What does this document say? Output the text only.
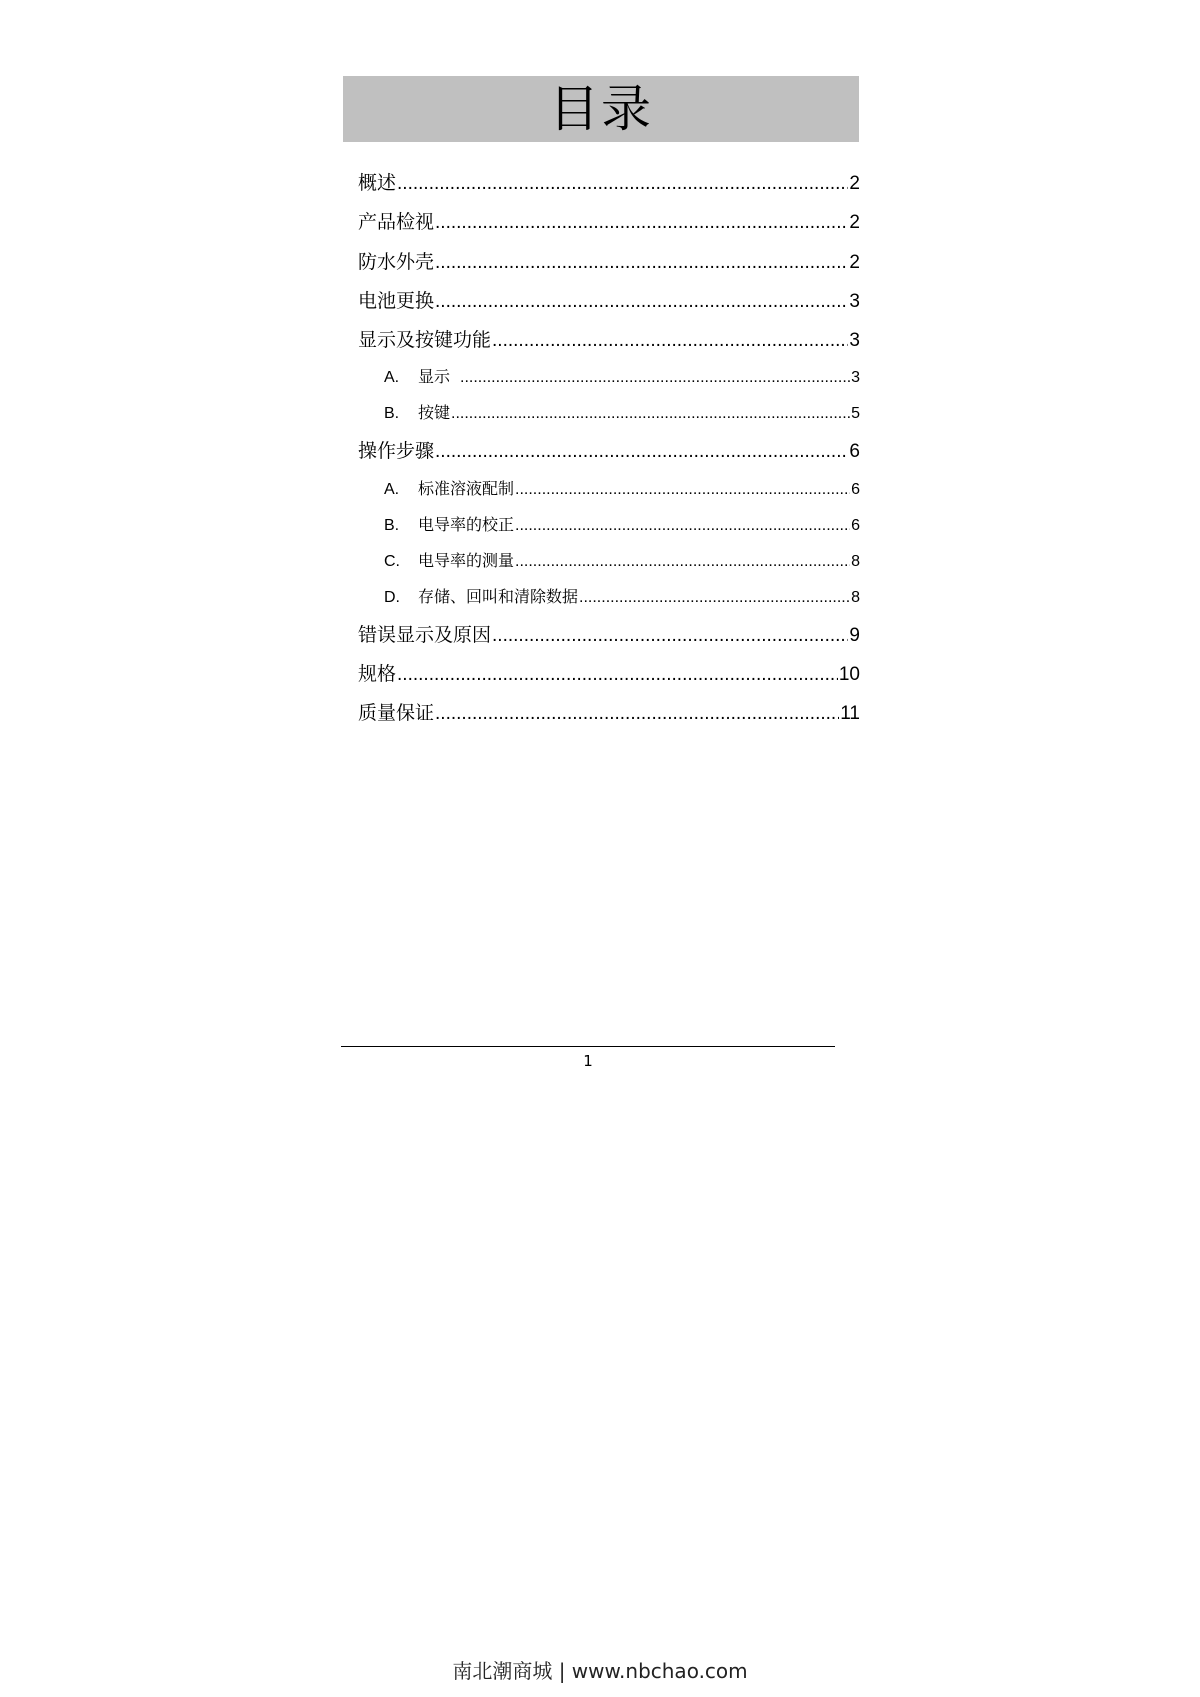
目录
概述 .....	2
产品检视 .....	2
防水外壳 .....	2
电池更换 .....	3
显示及按键功能 .....	3
A.	显示 .....	3
B.	按键 .....	5
操作步骤 .....	6
A.	标准溶液配制 .....	6
B.	电导率的校正 .....	6
C.	电导率的测量 .....	8
D.	存储、回叫和清除数据 .....	8
错误显示及原因 .....	9
规格 .....	10
质量保证 .....	11
1
南北潮商城 | www.nbchao.com
